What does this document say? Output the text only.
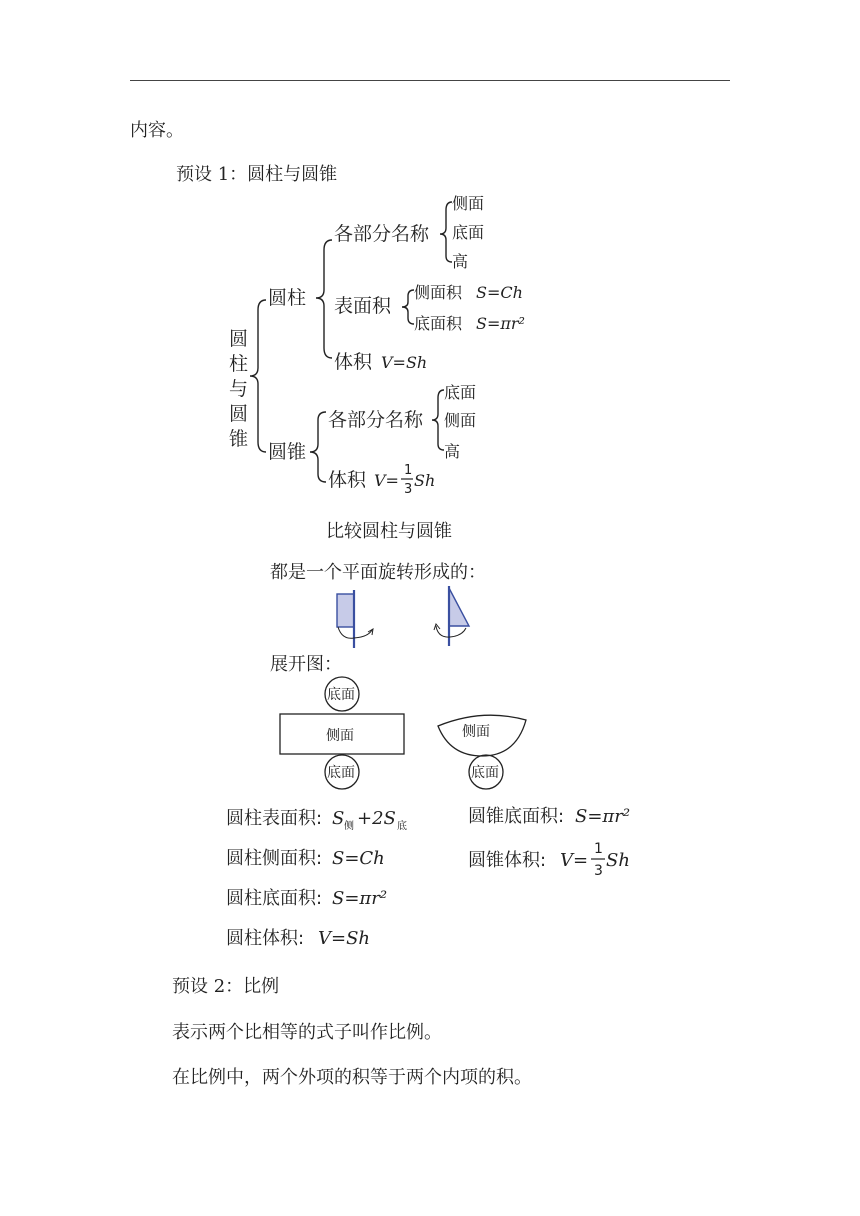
内容。
预设 1：圆柱与圆锥
圆
柱
与
圆
锥
圆柱
各部分名称
表面积
体积
圆锥
各部分名称
体积
侧面
底面
高
侧面积
底面积
底面
侧面
高
S=Ch
S=πr²
V=Sh
V= Sh
1
3
比较圆柱与圆锥
都是一个平面旋转形成的：
展开图：
底面
侧面
底面
侧面
底面
圆柱表面积:
圆柱侧面积:
圆柱底面积:
圆柱体积:
圆锥底面积:
圆锥体积:
S 侧 +2S 底
S=Ch
S=πr²
V=Sh
S=πr²
V= Sh
1
3
预设 2：比例
表示两个比相等的式子叫作比例。
在比例中，两个外项的积等于两个内项的积。
